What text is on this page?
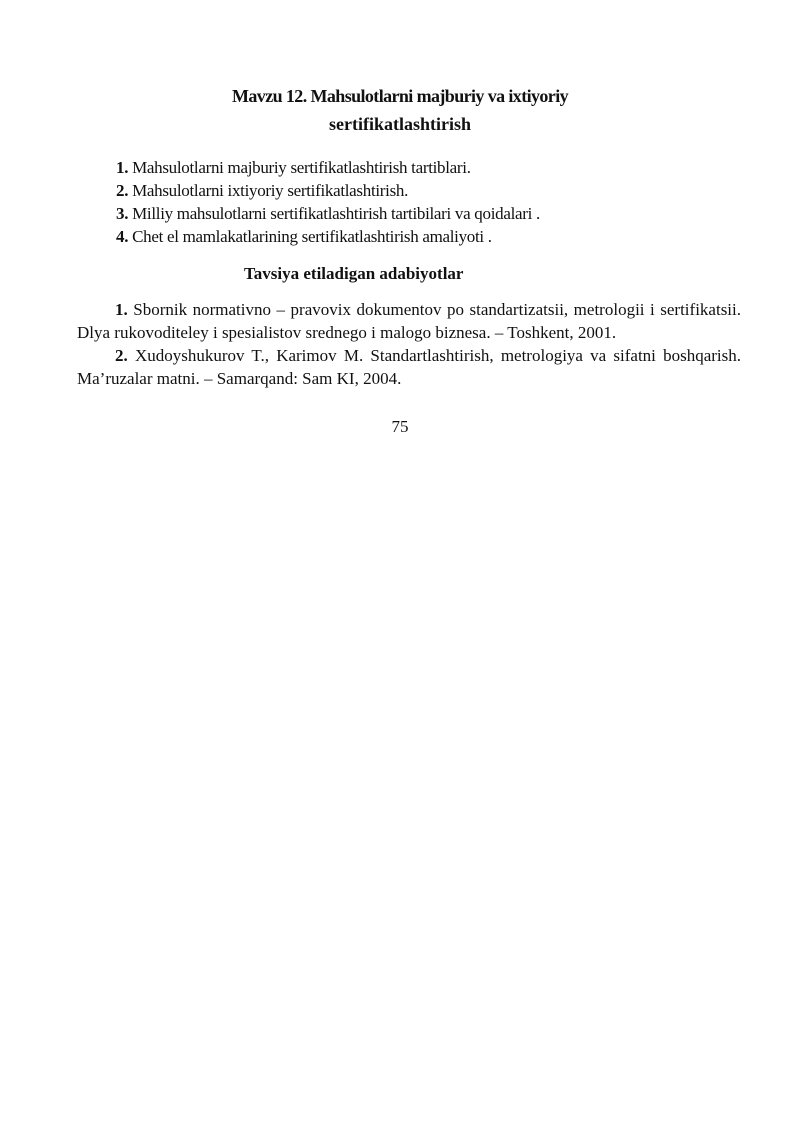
Mavzu 12. Mahsulotlarni majburiy va ixtiyoriy
sertifikatlashtirish
1. Mahsulotlarni majburiy sertifikatlashtirish tartiblari.
2. Mahsulotlarni ixtiyoriy sertifikatlashtirish.
3. Milliy mahsulotlarni sertifikatlashtirish tartibilari va qoidalari .
4. Chet el mamlakatlarining sertifikatlashtirish amaliyoti .
Tavsiya etiladigan adabiyotlar

1. Sbornik normativno – pravovix dokumentov po standartizatsii, metrologii i sertifikatsii. Dlya rukovoditeley i spesialistov srednego i malogo biznesa. – Toshkent, 2001.

2. Xudoyshukurov T., Karimov M. Standartlashtirish, metrologiya va sifatni boshqarish. Ma’ruzalar matni. – Samarqand: Sam KI, 2004.

75
